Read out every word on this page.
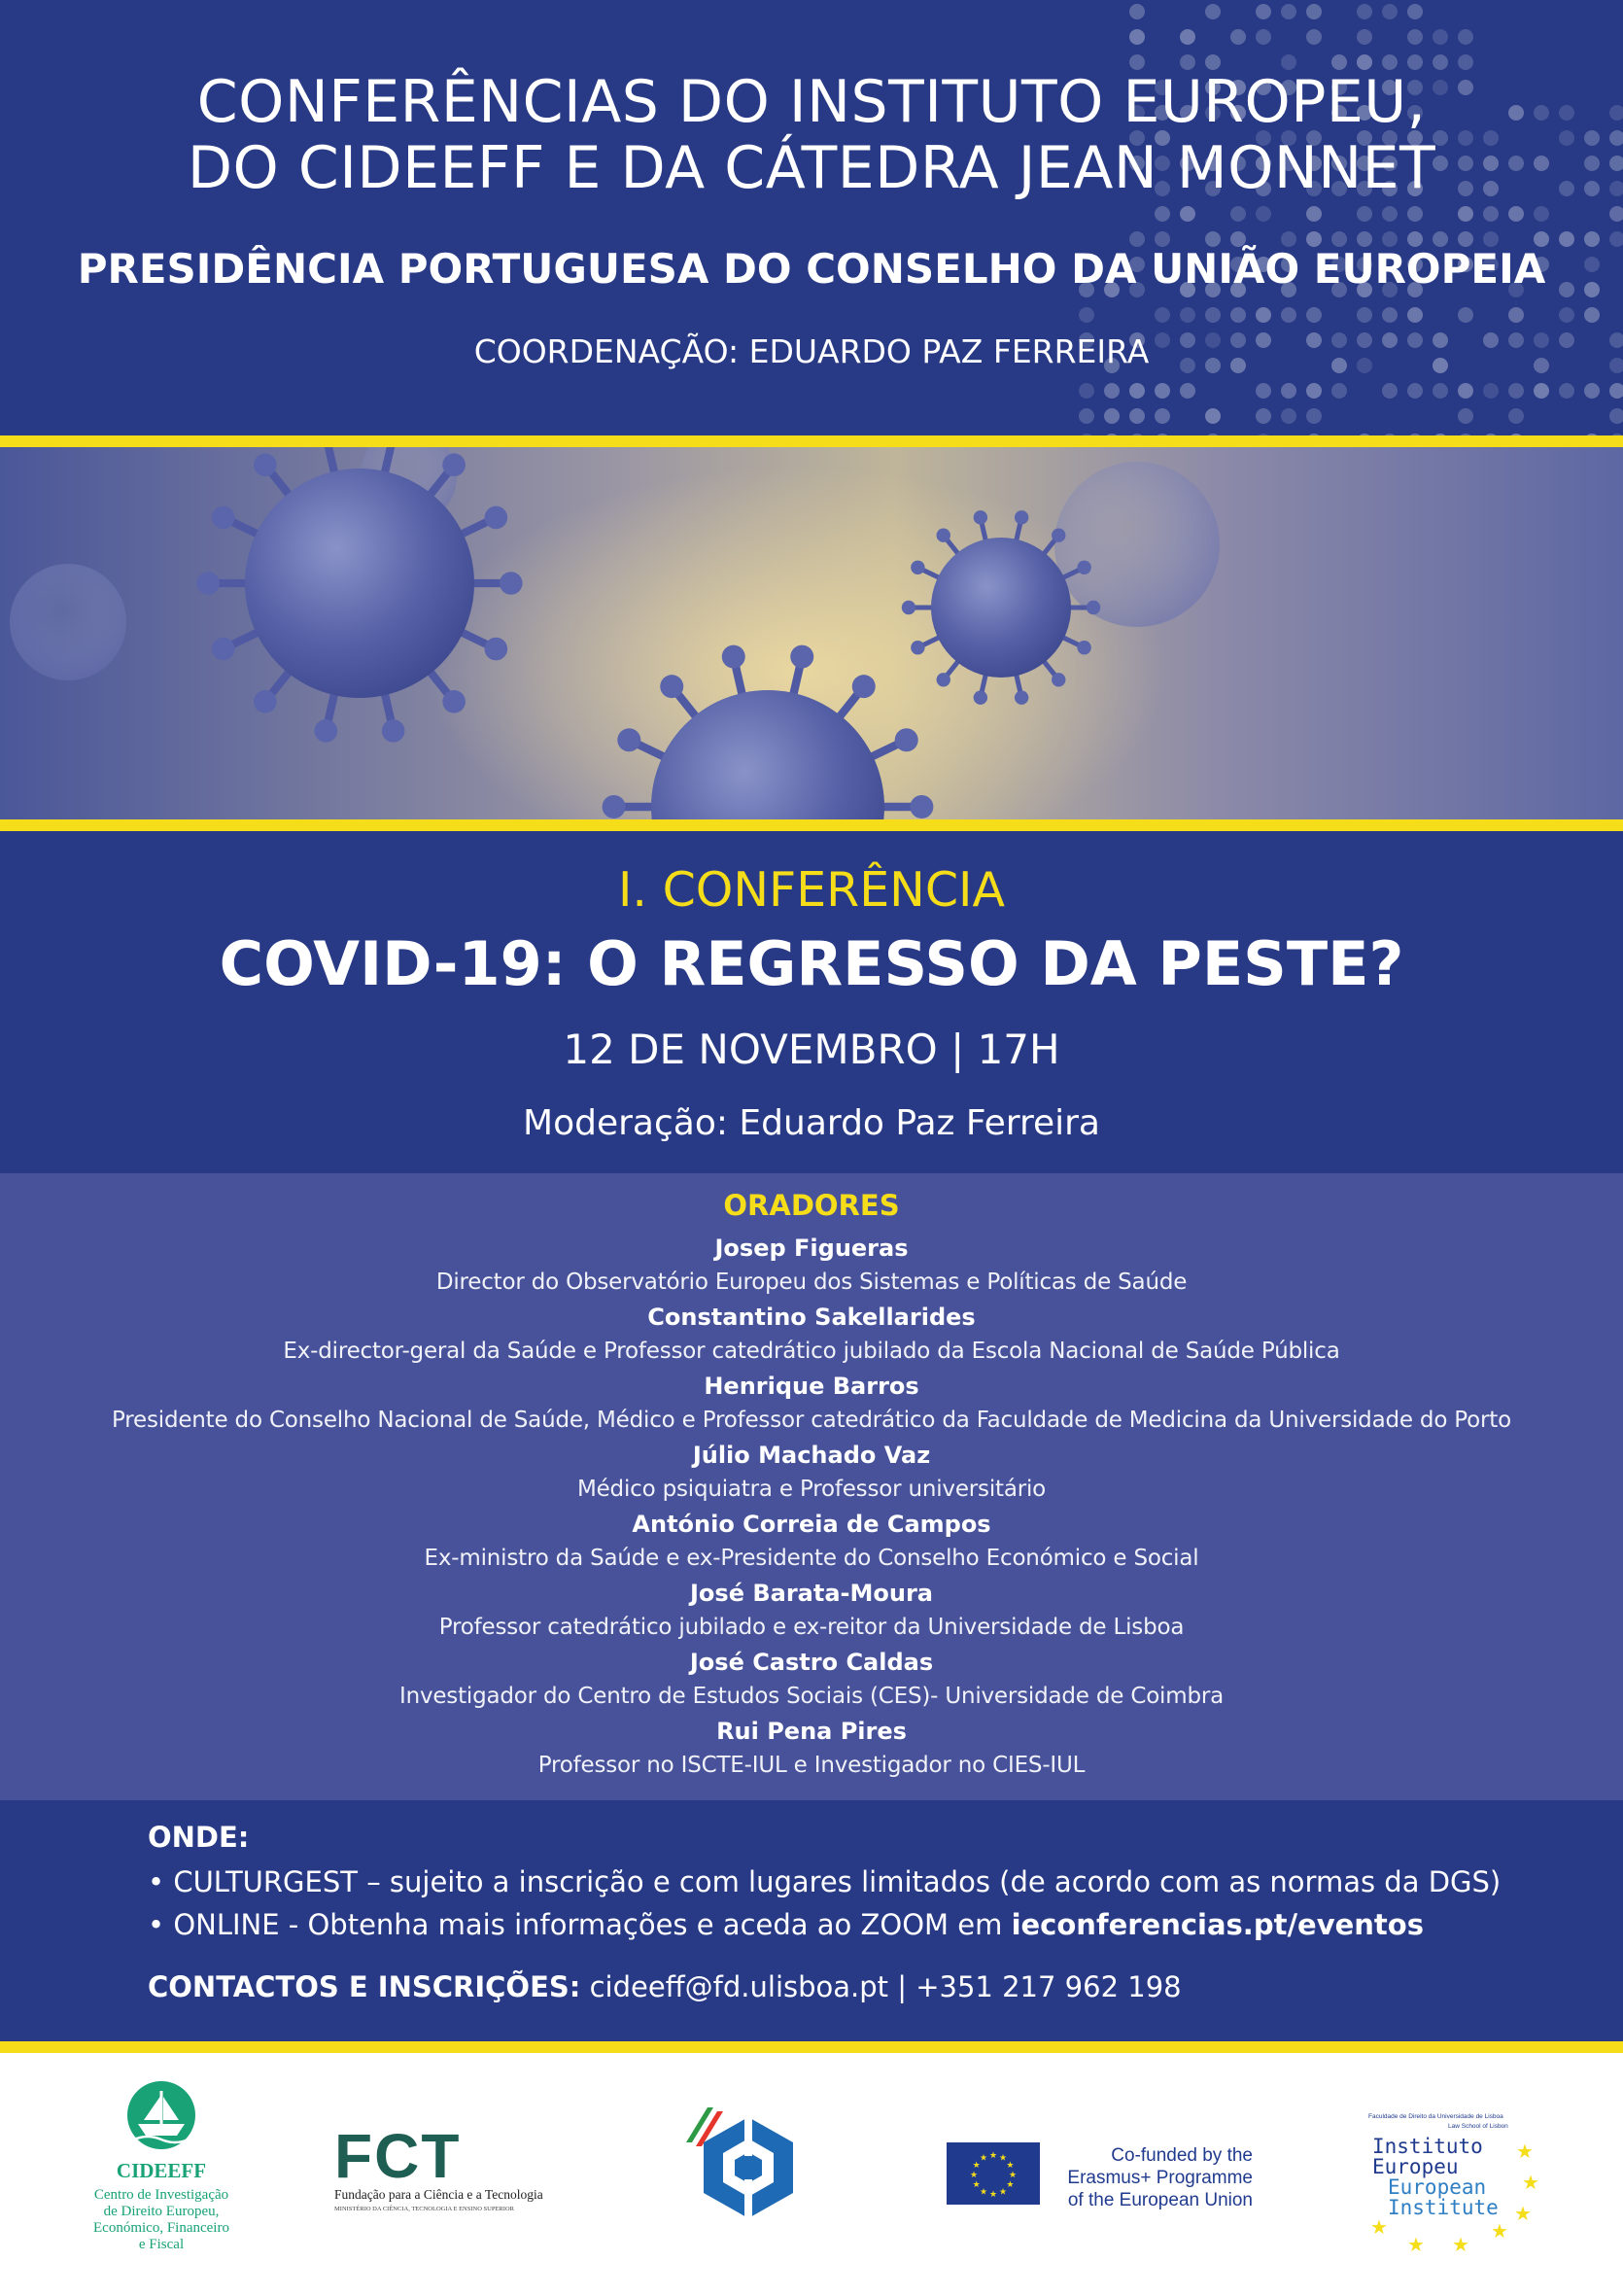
CONFERÊNCIAS DO INSTITUTO EUROPEU,
DO CIDEEFF E DA CÁTEDRA JEAN MONNET
PRESIDÊNCIA PORTUGUESA DO CONSELHO DA UNIÃO EUROPEIA
COORDENAÇÃO: EDUARDO PAZ FERREIRA
I. CONFERÊNCIA
COVID-19: O REGRESSO DA PESTE?
12 DE NOVEMBRO | 17H
Moderação: Eduardo Paz Ferreira
ORADORES
Josep Figueras
Director do Observatório Europeu dos Sistemas e Políticas de Saúde
Constantino Sakellarides
Ex-director-geral da Saúde e Professor catedrático jubilado da Escola Nacional de Saúde Pública
Henrique Barros
Presidente do Conselho Nacional de Saúde, Médico e Professor catedrático da Faculdade de Medicina da Universidade do Porto
Júlio Machado Vaz
Médico psiquiatra e Professor universitário
António Correia de Campos
Ex-ministro da Saúde e ex-Presidente do Conselho Económico e Social
José Barata-Moura
Professor catedrático jubilado e ex-reitor da Universidade de Lisboa
José Castro Caldas
Investigador do Centro de Estudos Sociais (CES)- Universidade de Coimbra
Rui Pena Pires
Professor no ISCTE-IUL e Investigador no CIES-IUL
ONDE:
• CULTURGEST – sujeito a inscrição e com lugares limitados (de acordo com as normas da DGS)
• ONLINE - Obtenha mais informações e aceda ao ZOOM em ieconferencias.pt/eventos
CONTACTOS E INSCRIÇÕES: cideeff@fd.ulisboa.pt | +351 217 962 198
CIDEEFF
Centro de Investigação
de Direito Europeu,
Económico, Financeiro
e Fiscal
FCT
Fundação para a Ciência e a Tecnologia
MINISTÉRIO DA CIÊNCIA, TECNOLOGIA E ENSINO SUPERIOR
★
★
★
★
★
★
★
★
★ ★ ★
★	Co-funded by the
Erasmus+ Programme
of the European Union
Faculdade de Direito da Universidade de Lisboa
Law School of Lisbon
Instituto
Europeu
European
Institute
★
★
★
★
★ ★
★
